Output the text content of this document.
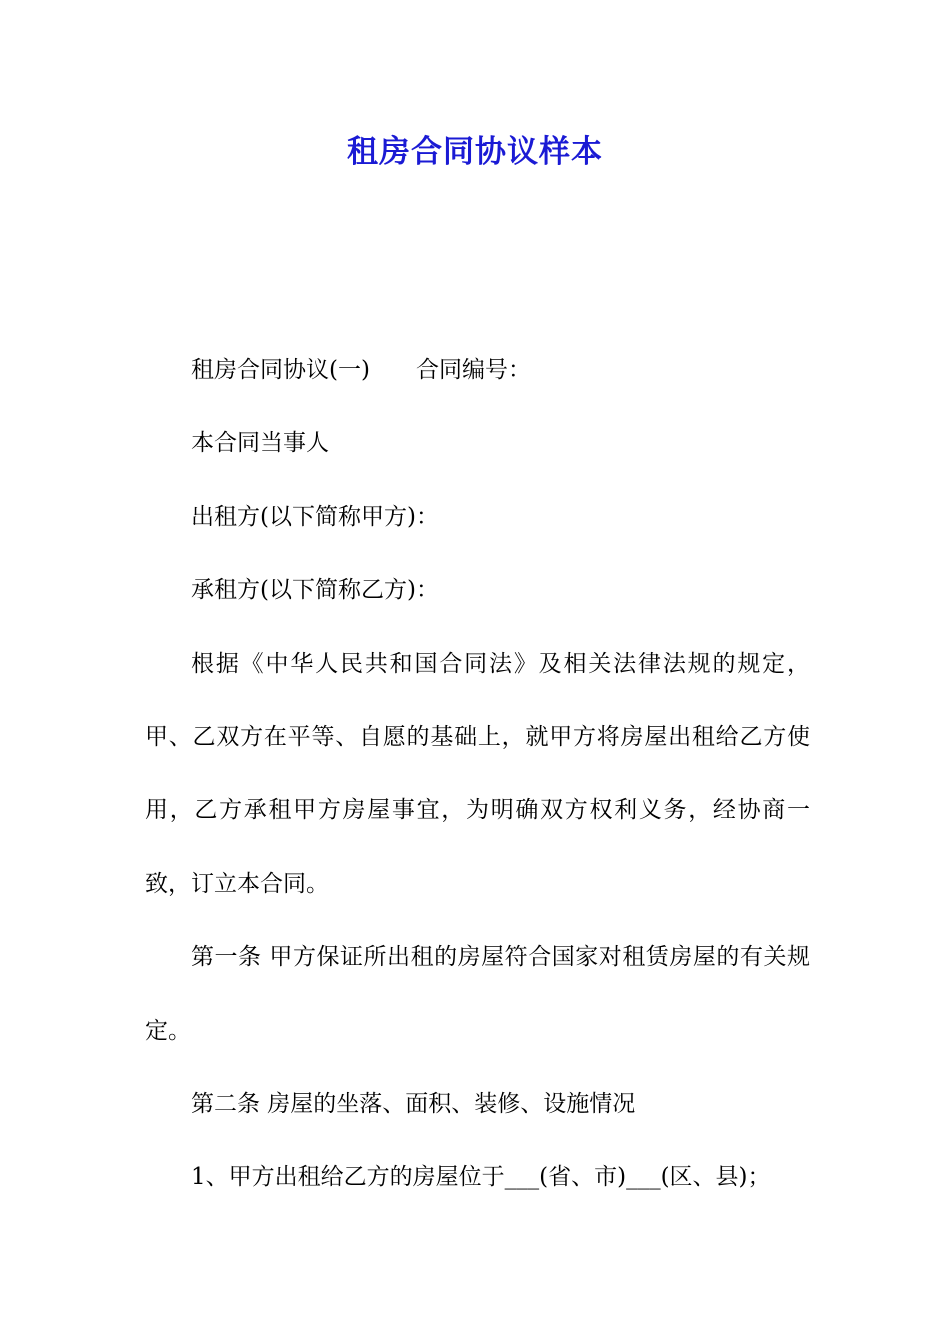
租房合同协议样本

租房合同协议(一) 合同编号：

本合同当事人

出租方(以下简称甲方)：

承租方(以下简称乙方)：

根据《中华人民共和国合同法》及相关法律法规的规定，甲、乙双方在平等、自愿的基础上，就甲方将房屋出租给乙方使用，乙方承租甲方房屋事宜，为明确双方权利义务，经协商一致，订立本合同。

第一条 甲方保证所出租的房屋符合国家对租赁房屋的有关规定。

第二条 房屋的坐落、面积、装修、设施情况

1、甲方出租给乙方的房屋位于___(省、市)___(区、县)；
